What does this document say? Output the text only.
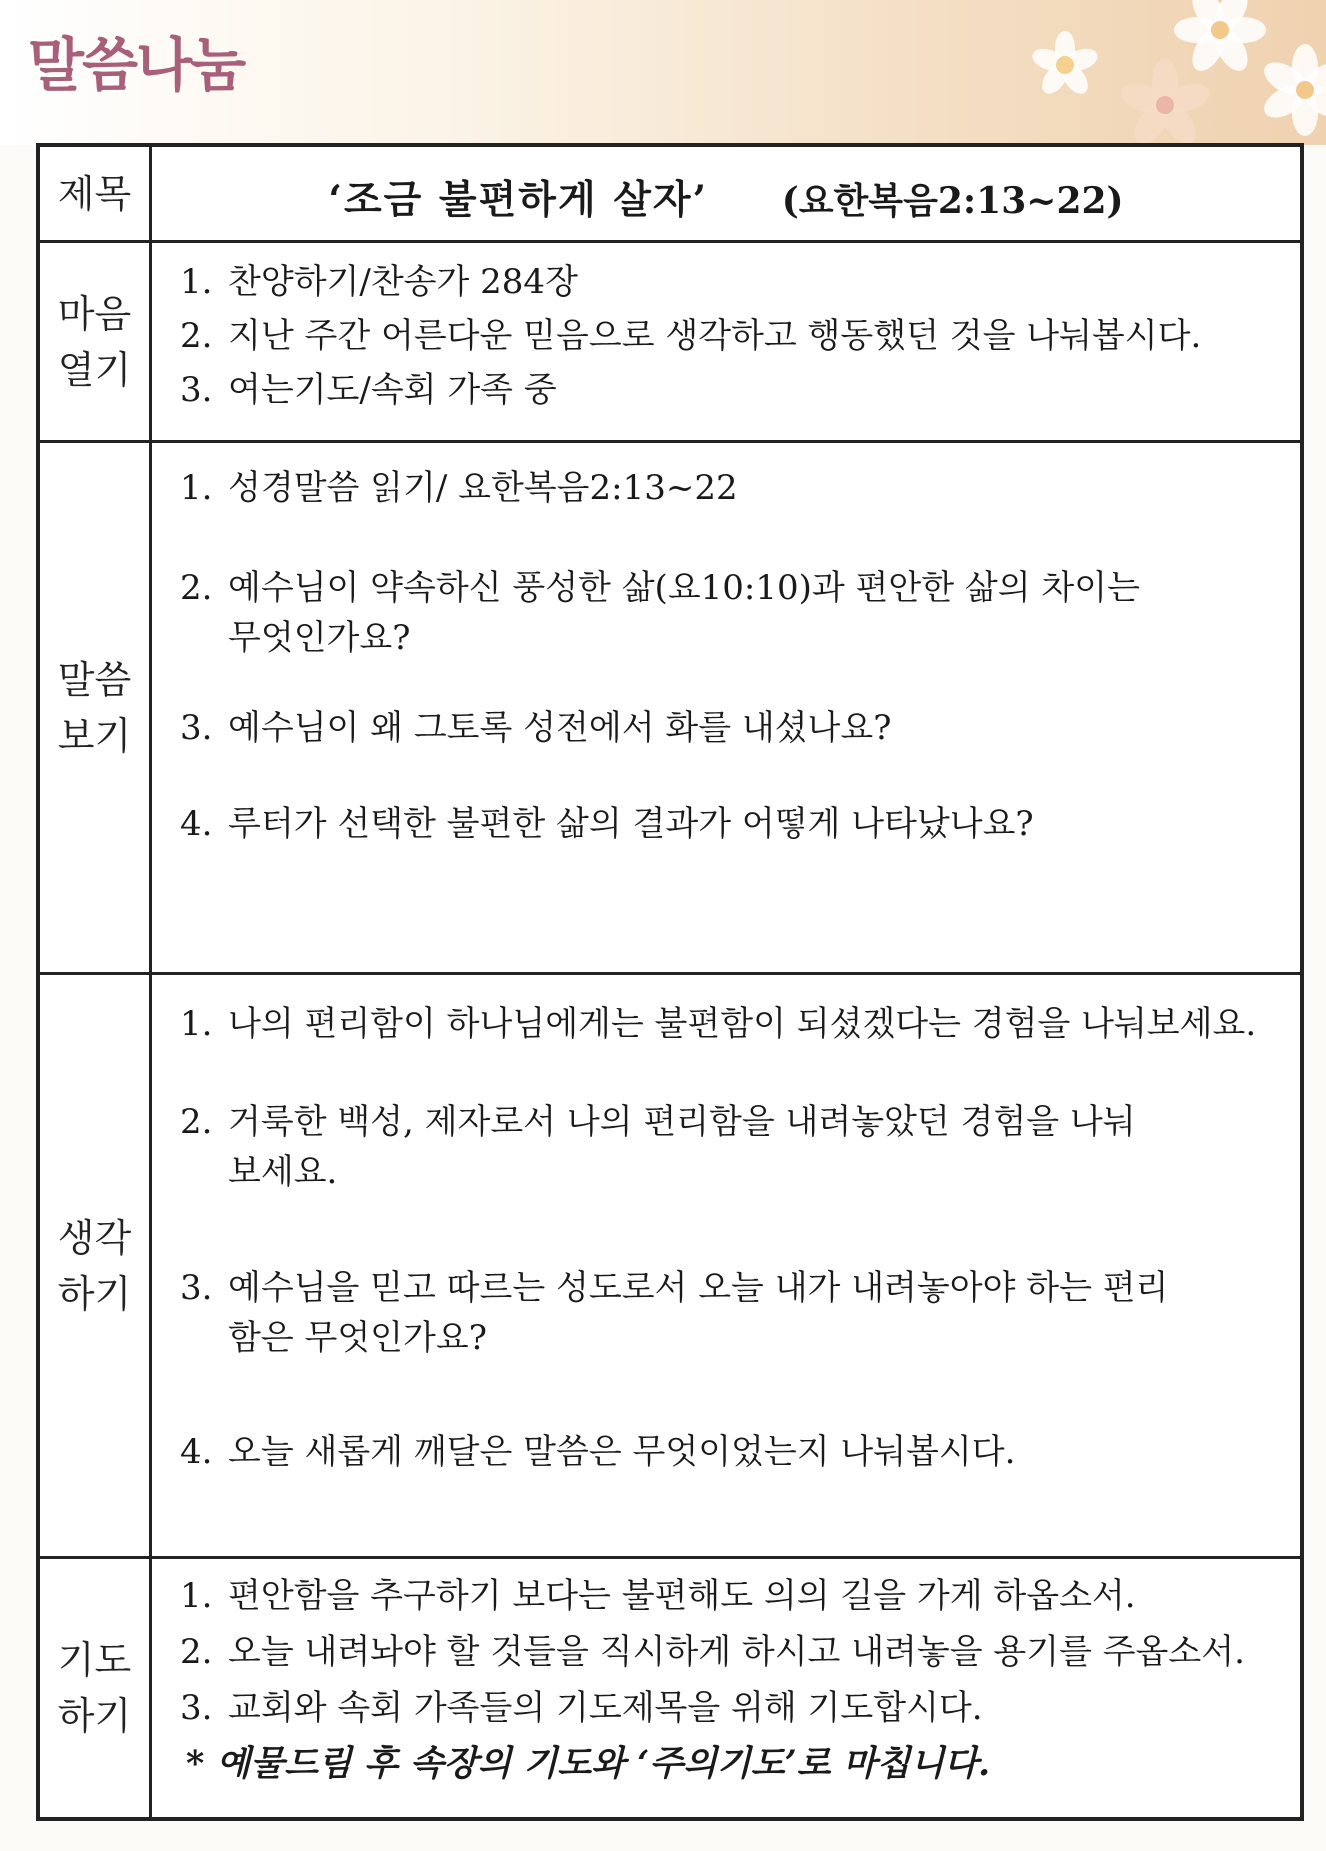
말씀나눔
제목	‘조금 불편하게 살자’ (요한복음2:13~22)
마음
열기
1. 찬양하기/찬송가 284장
2. 지난 주간 어른다운 믿음으로 생각하고 행동했던 것을 나눠봅시다.
3. 여는기도/속회 가족 중
말씀
보기
1. 성경말씀 읽기/ 요한복음2:13~22
2. 예수님이 약속하신 풍성한 삶(요10:10)과 편안한 삶의 차이는
무엇인가요?
3. 예수님이 왜 그토록 성전에서 화를 내셨나요?
4. 루터가 선택한 불편한 삶의 결과가 어떻게 나타났나요?
생각
하기
1. 나의 편리함이 하나님에게는 불편함이 되셨겠다는 경험을 나눠보세요.
2. 거룩한 백성, 제자로서 나의 편리함을 내려놓았던 경험을 나눠
보세요.
3. 예수님을 믿고 따르는 성도로서 오늘 내가 내려놓아야 하는 편리
함은 무엇인가요?
4. 오늘 새롭게 깨달은 말씀은 무엇이었는지 나눠봅시다.
기도
하기
1. 편안함을 추구하기 보다는 불편해도 의의 길을 가게 하옵소서.
2. 오늘 내려놔야 할 것들을 직시하게 하시고 내려놓을 용기를 주옵소서.
3. 교회와 속회 가족들의 기도제목을 위해 기도합시다.
* 예물드림 후 속장의 기도와 ‘주의기도’로 마칩니다.
